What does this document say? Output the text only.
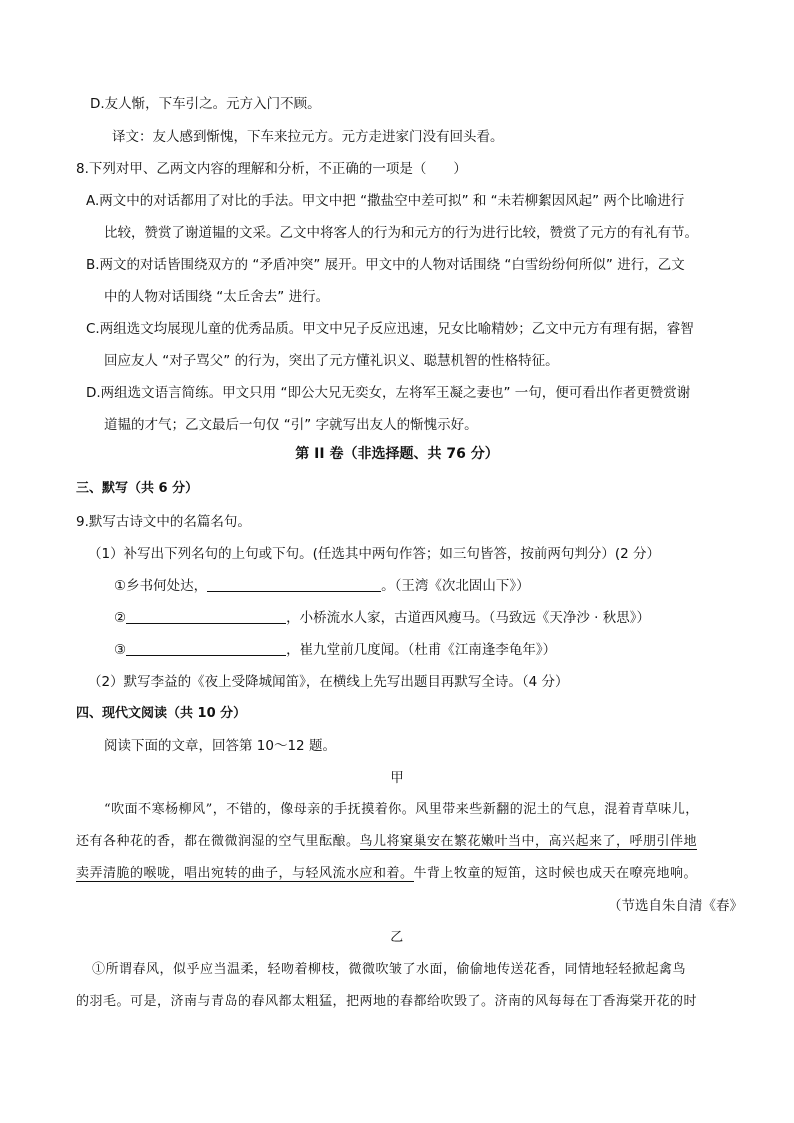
D.友人惭，下车引之。元方入门不顾。
译文：友人感到惭愧，下车来拉元方。元方走进家门没有回头看。
8.下列对甲、乙两文内容的理解和分析，不正确的一项是（　　）
A.两文中的对话都用了对比的手法。甲文中把 “撒盐空中差可拟” 和 “未若柳絮因风起” 两个比喻进行
比较，赞赏了谢道韫的文采。乙文中将客人的行为和元方的行为进行比较，赞赏了元方的有礼有节。
B.两文的对话皆围绕双方的 “矛盾冲突” 展开。甲文中的人物对话围绕 “白雪纷纷何所似” 进行，乙文
中的人物对话围绕 “太丘舍去” 进行。
C.两组选文均展现儿童的优秀品质。甲文中兄子反应迅速，兄女比喻精妙；乙文中元方有理有据，睿智
回应友人 “对子骂父” 的行为，突出了元方懂礼识义、聪慧机智的性格特征。
D.两组选文语言简练。甲文只用 “即公大兄无奕女，左将军王凝之妻也” 一句，便可看出作者更赞赏谢
道韫的才气；乙文最后一句仅 “引” 字就写出友人的惭愧示好。
第 II 卷（非选择题、共 76 分）
三、默写（共 6 分）
9.默写古诗文中的名篇名句。
（1）补写出下列名句的上句或下句。(任选其中两句作答；如三句皆答，按前两句判分）(2 分）
①乡书何处达，	。（王湾《次北固山下》）
②	，小桥流水人家，古道西风瘦马。（马致远《天净沙 · 秋思》）
③	，崔九堂前几度闻。（杜甫《江南逢李龟年》）
（2）默写李益的《夜上受降城闻笛》，在横线上先写出题目再默写全诗。（4 分）
四、现代文阅读（共 10 分）
阅读下面的文章，回答第 10～12 题。
甲
“吹面不寒杨柳风”，不错的，像母亲的手抚摸着你。风里带来些新翻的泥土的气息，混着青草味儿，
还有各种花的香，都在微微润湿的空气里酝酿。鸟儿将窠巢安在繁花嫩叶当中，高兴起来了，呼朋引伴地
卖弄清脆的喉咙，唱出宛转的曲子，与轻风流水应和着。牛背上牧童的短笛，这时候也成天在嘹亮地响。
（节选自朱自清《春》
乙
①所谓春风，似乎应当温柔，轻吻着柳枝，微微吹皱了水面，偷偷地传送花香，同情地轻轻掀起禽鸟
的羽毛。可是，济南与青岛的春风都太粗猛，把两地的春都给吹毁了。济南的风每每在丁香海棠开花的时
